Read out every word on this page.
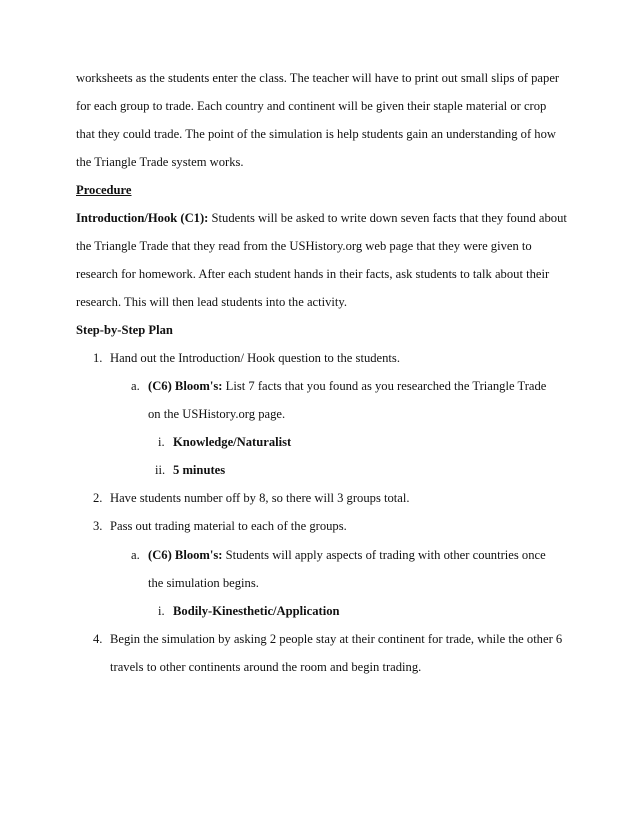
worksheets as the students enter the class. The teacher will have to print out small slips of paper

for each group to trade. Each country and continent will be given their staple material or crop

that they could trade. The point of the simulation is help students gain an understanding of how

the Triangle Trade system works.

Procedure

Introduction/Hook (C1): Students will be asked to write down seven facts that they found about

the Triangle Trade that they read from the USHistory.org web page that they were given to

research for homework. After each student hands in their facts, ask students to talk about their

research. This will then lead students into the activity.

Step-by-Step Plan

1. Hand out the Introduction/ Hook question to the students.

a. (C6) Bloom's: List 7 facts that you found as you researched the Triangle Trade

on the USHistory.org page.

i. Knowledge/Naturalist

ii. 5 minutes

2. Have students number off by 8, so there will 3 groups total.

3. Pass out trading material to each of the groups.

a. (C6) Bloom's: Students will apply aspects of trading with other countries once

the simulation begins.

i. Bodily-Kinesthetic/Application

4. Begin the simulation by asking 2 people stay at their continent for trade, while the other 6

travels to other continents around the room and begin trading.
